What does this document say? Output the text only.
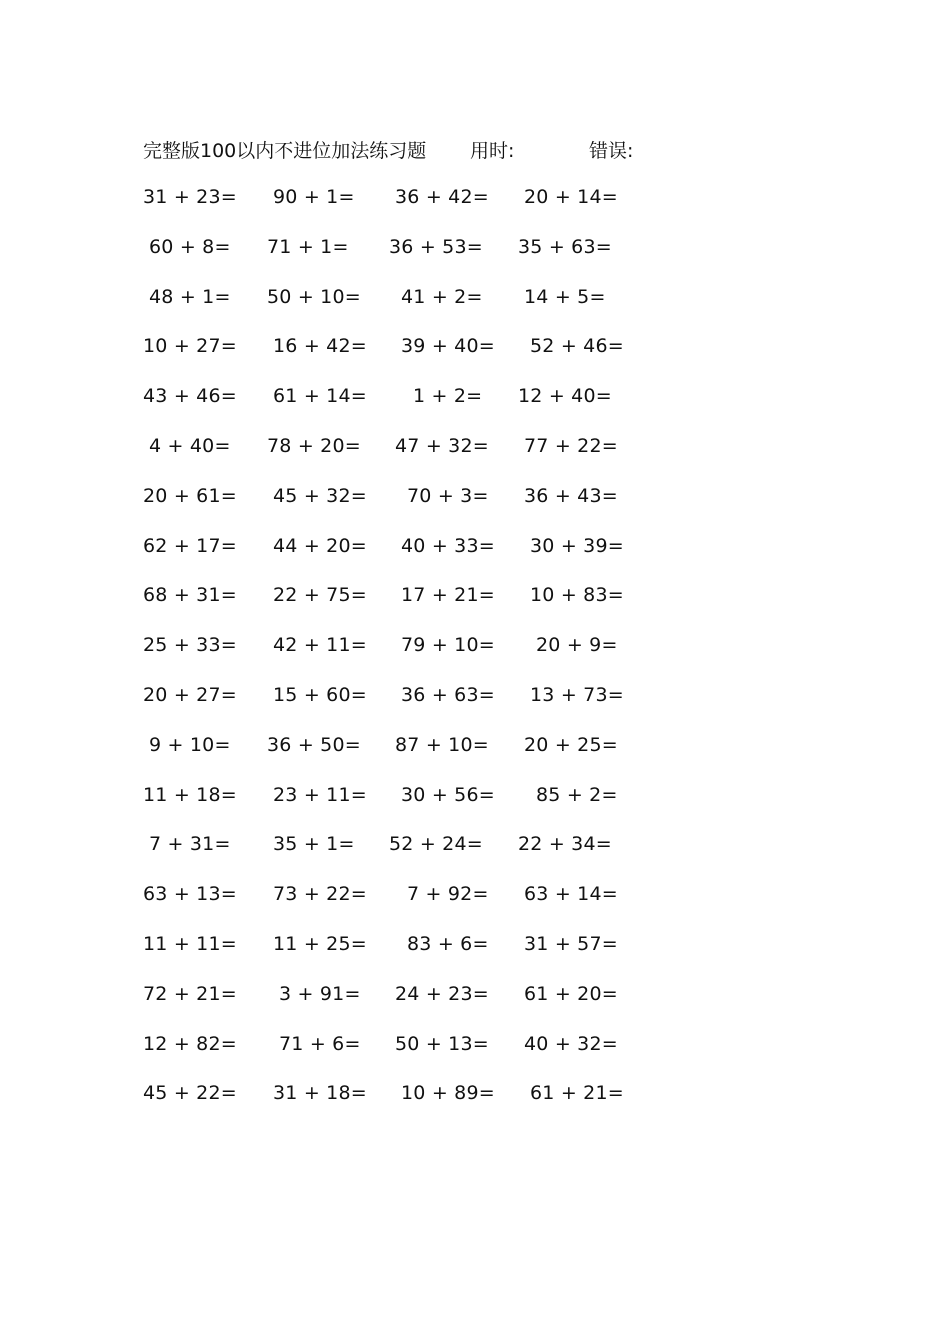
完整版100以内不进位加法练习题 用时:	错误:
31 + 23=	90 + 1=	36 + 42=	20 + 14=
60 + 8=	71 + 1=	36 + 53=	35 + 63=
48 + 1=	50 + 10=	41 + 2=	14 + 5=
10 + 27=	16 + 42=	39 + 40=	52 + 46=
43 + 46=	61 + 14=	1 + 2=	12 + 40=
4 + 40=	78 + 20=	47 + 32=	77 + 22=
20 + 61=	45 + 32=	70 + 3=	36 + 43=
62 + 17=	44 + 20=	40 + 33=	30 + 39=
68 + 31=	22 + 75=	17 + 21=	10 + 83=
25 + 33=	42 + 11=	79 + 10=	20 + 9=
20 + 27=	15 + 60=	36 + 63=	13 + 73=
9 + 10=	36 + 50=	87 + 10=	20 + 25=
11 + 18=	23 + 11=	30 + 56=	85 + 2=
7 + 31=	35 + 1=	52 + 24=	22 + 34=
63 + 13=	73 + 22=	7 + 92=	63 + 14=
11 + 11=	11 + 25=	83 + 6=	31 + 57=
72 + 21=	3 + 91=	24 + 23=	61 + 20=
12 + 82=	71 + 6=	50 + 13=	40 + 32=
45 + 22=	31 + 18=	10 + 89=	61 + 21=
